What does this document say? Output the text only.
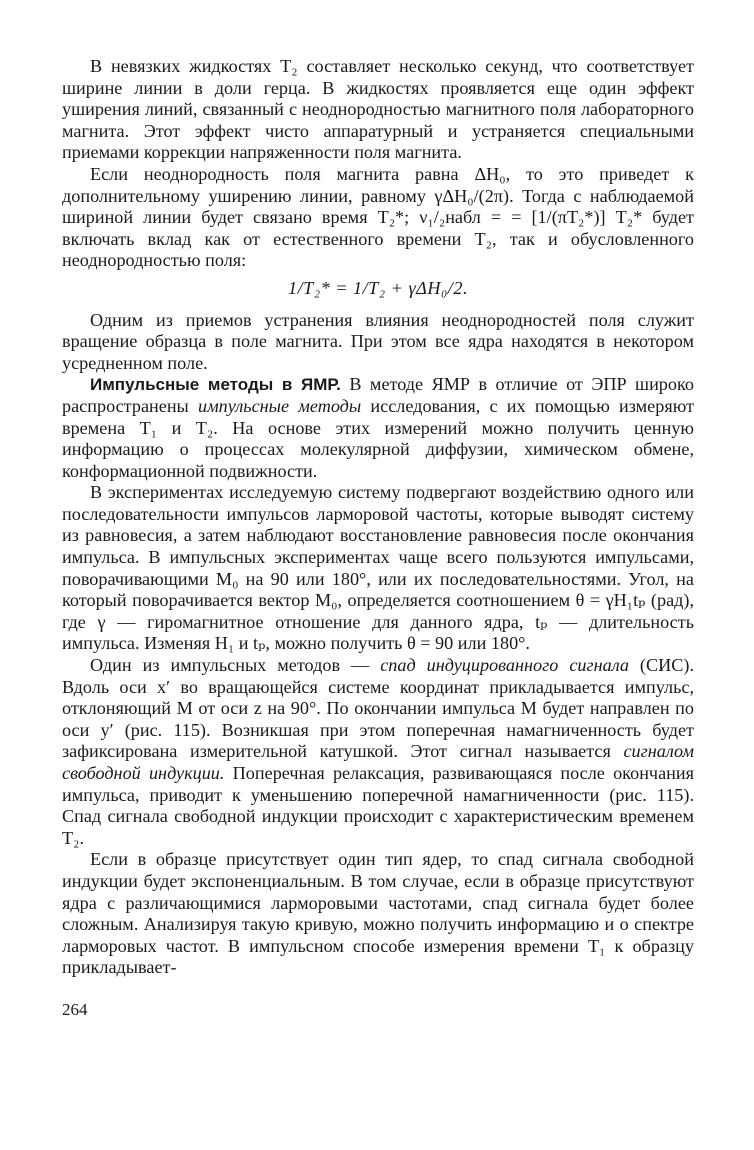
В невязких жидкостях T₂ составляет несколько секунд, что соответствует ширине линии в доли герца. В жидкостях проявляется еще один эффект уширения линий, связанный с неоднородностью магнитного поля лабораторного магнита. Этот эффект чисто аппаратурный и устраняется специальными приемами коррекции напряженности поля магнита.

Если неоднородность поля магнита равна ΔH₀, то это приведет к дополнительному уширению линии, равному γΔH₀/(2π). Тогда с наблюдаемой шириной линии будет связано время T₂*; ν₁/₂набл = = [1/(πT₂*)] T₂* будет включать вклад как от естественного времени T₂, так и обусловленного неоднородностью поля:

1/T₂* = 1/T₂ + γΔH₀/2.

Одним из приемов устранения влияния неоднородностей поля служит вращение образца в поле магнита. При этом все ядра находятся в некотором усредненном поле.

Импульсные методы в ЯМР. В методе ЯМР в отличие от ЭПР широко распространены импульсные методы исследования, с их помощью измеряют времена T₁ и T₂. На основе этих измерений можно получить ценную информацию о процессах молекулярной диффузии, химическом обмене, конформационной подвижности.

В экспериментах исследуемую систему подвергают воздействию одного или последовательности импульсов ларморовой частоты, которые выводят систему из равновесия, а затем наблюдают восстановление равновесия после окончания импульса. В импульсных экспериментах чаще всего пользуются импульсами, поворачивающими M₀ на 90 или 180°, или их последовательностями. Угол, на который поворачивается вектор M₀, определяется соотношением θ = γH₁tₚ (рад), где γ — гиромагнитное отношение для данного ядра, tₚ — длительность импульса. Изменяя H₁ и tₚ, можно получить θ = 90 или 180°.

Один из импульсных методов — спад индуцированного сигнала (СИС). Вдоль оси x′ во вращающейся системе координат прикладывается импульс, отклоняющий M от оси z на 90°. По окончании импульса M будет направлен по оси y′ (рис. 115). Возникшая при этом поперечная намагниченность будет зафиксирована измерительной катушкой. Этот сигнал называется сигналом свободной индукции. Поперечная релаксация, развивающаяся после окончания импульса, приводит к уменьшению поперечной намагниченности (рис. 115). Спад сигнала свободной индукции происходит с характеристическим временем T₂.

Если в образце присутствует один тип ядер, то спад сигнала свободной индукции будет экспоненциальным. В том случае, если в образце присутствуют ядра с различающимися ларморовыми частотами, спад сигнала будет более сложным. Анализируя такую кривую, можно получить информацию и о спектре ларморовых частот. В импульсном способе измерения времени T₁ к образцу прикладывает-

264
